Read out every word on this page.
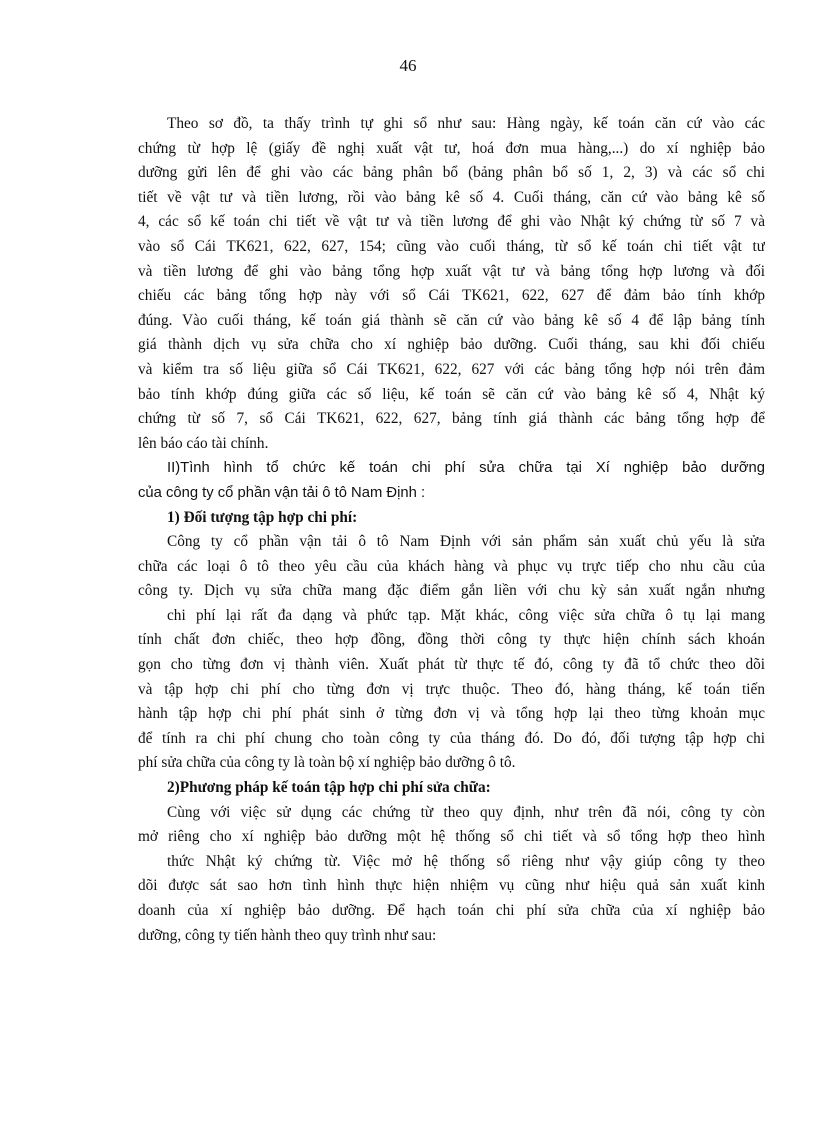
46
Theo sơ đồ, ta thấy trình tự ghi sổ như sau: Hàng ngày, kế toán căn cứ vào các
chứng từ hợp lệ (giấy đề nghị xuất vật tư, hoá đơn mua hàng,...) do xí nghiệp bảo
dưỡng gửi lên để ghi vào các bảng phân bổ (bảng phân bổ số 1, 2, 3) và các sổ chi
tiết về vật tư và tiền lương, rồi vào bảng kê số 4. Cuối tháng, căn cứ vào bảng kê số
4, các sổ kế toán chi tiết về vật tư và tiền lương để ghi vào Nhật ký chứng từ số 7 và
vào sổ Cái TK621, 622, 627, 154; cũng vào cuối tháng, từ sổ kế toán chi tiết vật tư
và tiền lương để ghi vào bảng tổng hợp xuất vật tư và bảng tổng hợp lương và đối
chiếu các bảng tổng hợp này với sổ Cái TK621, 622, 627 để đảm bảo tính khớp
đúng. Vào cuối tháng, kế toán giá thành sẽ căn cứ vào bảng kê số 4 để lập bảng tính
giá thành dịch vụ sửa chữa cho xí nghiệp bảo dưỡng. Cuối tháng, sau khi đối chiếu
và kiểm tra số liệu giữa sổ Cái TK621, 622, 627 với các bảng tổng hợp nói trên đảm
bảo tính khớp đúng giữa các số liệu, kế toán sẽ căn cứ vào bảng kê số 4, Nhật ký
chứng từ số 7, sổ Cái TK621, 622, 627, bảng tính giá thành các bảng tổng hợp để
lên báo cáo tài chính.
II)Tình hình tổ chức kế toán chi phí sửa chữa tại Xí nghiệp bảo dưỡng
của công ty cổ phần vận tải ô tô Nam Định :
1) Đối tượng tập hợp chi phí:
Công ty cổ phần vận tải ô tô Nam Định với sản phẩm sản xuất chủ yếu là sửa
chữa các loại ô tô theo yêu cầu của khách hàng và phục vụ trực tiếp cho nhu cầu của
công ty. Dịch vụ sửa chữa mang đặc điểm gắn liền với chu kỳ sản xuất ngắn nhưng
chi phí lại rất đa dạng và phức tạp. Mặt khác, công việc sửa chữa ô tụ lại mang
tính chất đơn chiếc, theo hợp đồng, đồng thời công ty thực hiện chính sách khoán
gọn cho từng đơn vị thành viên. Xuất phát từ thực tế đó, công ty đã tổ chức theo dõi
và tập hợp chi phí cho từng đơn vị trực thuộc. Theo đó, hàng tháng, kế toán tiến
hành tập hợp chi phí phát sinh ở từng đơn vị và tổng hợp lại theo từng khoản mục
để tính ra chi phí chung cho toàn công ty của tháng đó. Do đó, đối tượng tập hợp chi
phí sửa chữa của công ty là toàn bộ xí nghiệp bảo dưỡng ô tô.
2)Phương pháp kế toán tập hợp chi phí sửa chữa:
Cùng với việc sử dụng các chứng từ theo quy định, như trên đã nói, công ty còn
mở riêng cho xí nghiệp bảo dưỡng một hệ thống sổ chi tiết và sổ tổng hợp theo hình
thức Nhật ký chứng từ. Việc mở hệ thống sổ riêng như vậy giúp công ty theo
dõi được sát sao hơn tình hình thực hiện nhiệm vụ cũng như hiệu quả sản xuất kinh
doanh của xí nghiệp bảo dưỡng. Để hạch toán chi phí sửa chữa của xí nghiệp bảo
dưỡng, công ty tiến hành theo quy trình như sau:
